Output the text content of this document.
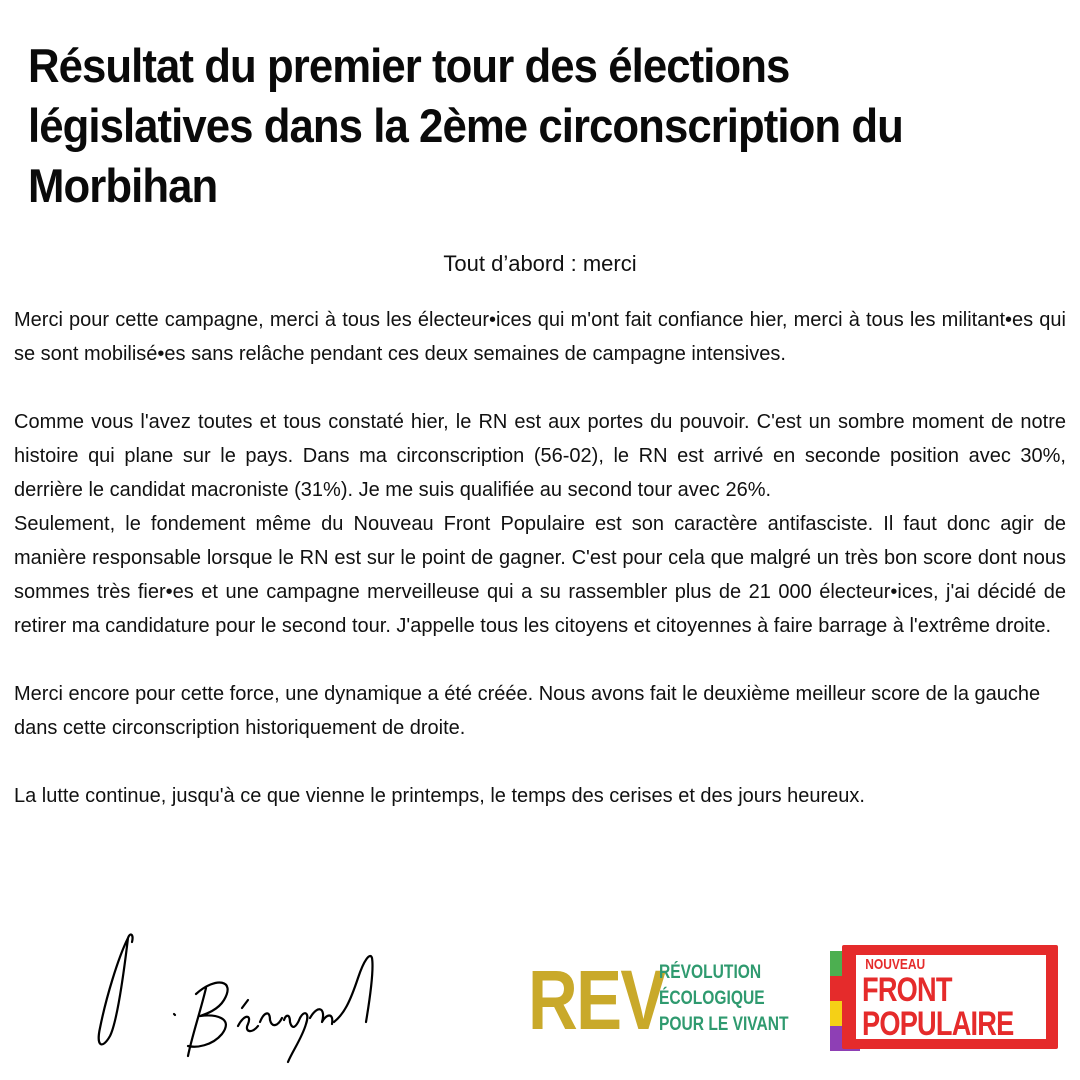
Résultat du premier tour des élections
législatives dans la 2ème circonscription du
Morbihan
Tout d’abord : merci

Merci pour cette campagne, merci à tous les électeur•ices qui m'ont fait confiance hier, merci à tous les militant•es qui se sont mobilisé•es sans relâche pendant ces deux semaines de campagne intensives.

Comme vous l'avez toutes et tous constaté hier, le RN est aux portes du pouvoir. C'est un sombre moment de notre histoire qui plane sur le pays. Dans ma circonscription (56-02), le RN est arrivé en seconde position avec 30%, derrière le candidat macroniste (31%). Je me suis qualifiée au second tour avec 26%.

Seulement, le fondement même du Nouveau Front Populaire est son caractère antifasciste. Il faut donc agir de manière responsable lorsque le RN est sur le point de gagner. C'est pour cela que malgré un très bon score dont nous sommes très fier•es et une campagne merveilleuse qui a su rassembler plus de 21 000 électeur•ices, j'ai décidé de retirer ma candidature pour le second tour. J'appelle tous les citoyens et citoyennes à faire barrage à l'extrême droite.

Merci encore pour cette force, une dynamique a été créée. Nous avons fait le deuxième meilleur score de la gauche dans cette circonscription historiquement de droite.

La lutte continue, jusqu'à ce que vienne le printemps, le temps des cerises et des jours heureux.

REV
RÉVOLUTION
ÉCOLOGIQUE
POUR LE VIVANT
NOUVEAU
FRONT
POPULAIRE
